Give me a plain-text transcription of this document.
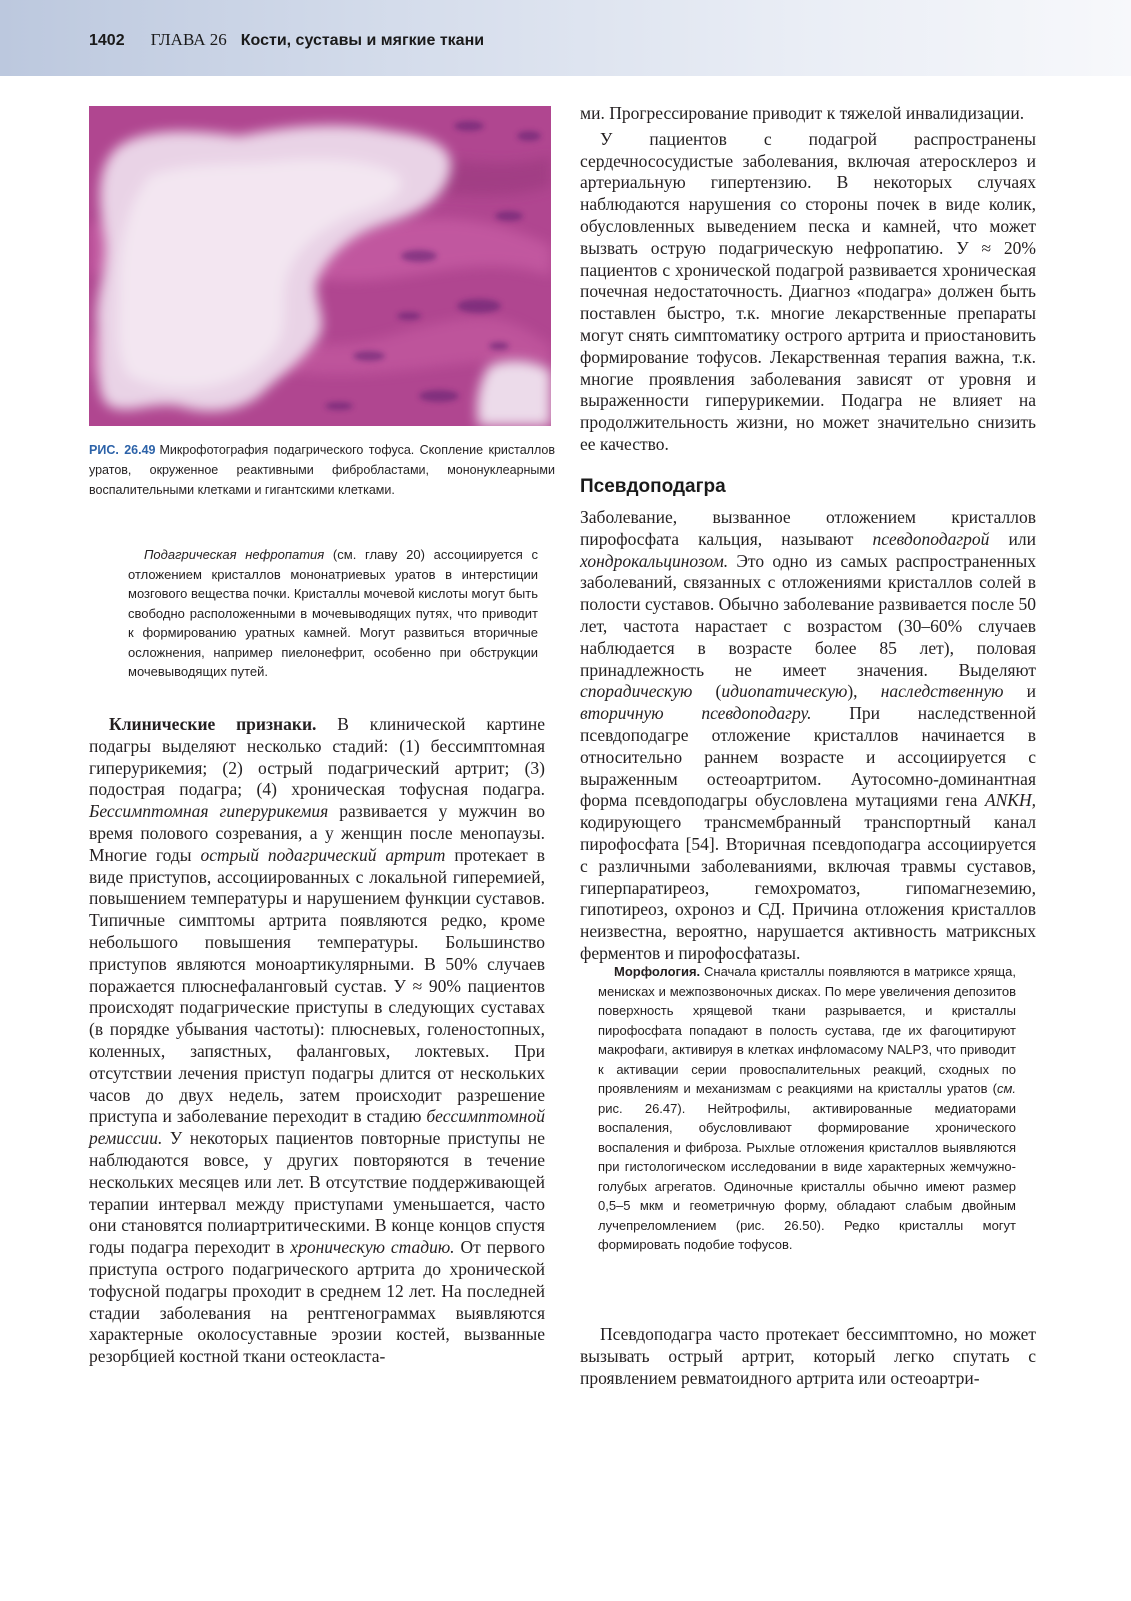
1402 ГЛАВА 26 Кости, суставы и мягкие ткани
РИС. 26.49 Микрофотография подагрического тофуса. Скопление кристаллов уратов, окруженное реактивными фибробластами, мононуклеарными воспалительными клетками и гигантскими клетками.

Подагрическая нефропатия (см. главу 20) ассоциируется с отложением кристаллов мононатриевых уратов в интерстиции мозгового вещества почки. Кристаллы мочевой кислоты могут быть свободно расположенными в мочевыводящих путях, что приводит к формированию уратных камней. Могут развиться вторичные осложнения, например пиелонефрит, особенно при обструкции мочевыводящих путей.

Клинические признаки. В клинической картине подагры выделяют несколько стадий: (1) бессимптомная гиперурикемия; (2) острый подагрический артрит; (3) подострая подагра; (4) хроническая тофусная подагра. Бессимптомная гиперурикемия развивается у мужчин во время полового созревания, а у женщин после менопаузы. Многие годы острый подагрический артрит протекает в виде приступов, ассоциированных с локальной гиперемией, повышением температуры и нарушением функции суставов. Типичные симптомы артрита появляются редко, кроме небольшого повышения температуры. Большинство приступов являются моноартикулярными. В 50% случаев поражается плюснефаланговый сустав. У ≈ 90% пациентов происходят подагрические приступы в следующих суставах (в порядке убывания частоты): плюсневых, голеностопных, коленных, запястных, фаланговых, локтевых. При отсутствии лечения приступ подагры длится от нескольких часов до двух недель, затем происходит разрешение приступа и заболевание переходит в стадию бессимптомной ремиссии. У некоторых пациентов повторные приступы не наблюдаются вовсе, у других повторяются в течение нескольких месяцев или лет. В отсутствие поддерживающей терапии интервал между приступами уменьшается, часто они становятся полиартритическими. В конце концов спустя годы подагра переходит в хроническую стадию. От первого приступа острого подагрического артрита до хронической тофусной подагры проходит в среднем 12 лет. На последней стадии заболевания на рентгенограммах выявляются характерные околосуставные эрозии костей, вызванные резорбцией костной ткани остеокласта-

ми. Прогрессирование приводит к тяжелой инвалидизации.

У пациентов с подагрой распространены сердечнососудистые заболевания, включая атеросклероз и артериальную гипертензию. В некоторых случаях наблюдаются нарушения со стороны почек в виде колик, обусловленных выведением песка и камней, что может вызвать острую подагрическую нефропатию. У ≈ 20% пациентов с хронической подагрой развивается хроническая почечная недостаточность. Диагноз «подагра» должен быть поставлен быстро, т.к. многие лекарственные препараты могут снять симптоматику острого артрита и приостановить формирование тофусов. Лекарственная терапия важна, т.к. многие проявления заболевания зависят от уровня и выраженности гиперурикемии. Подагра не влияет на продолжительность жизни, но может значительно снизить ее качество.

Псевдоподагра

Заболевание, вызванное отложением кристаллов пирофосфата кальция, называют псевдоподагрой или хондрокальцинозом. Это одно из самых распространенных заболеваний, связанных с отложениями кристаллов солей в полости суставов. Обычно заболевание развивается после 50 лет, частота нарастает с возрастом (30–60% случаев наблюдается в возрасте более 85 лет), половая принадлежность не имеет значения. Выделяют спорадическую (идиопатическую), наследственную и вторичную псевдоподагру. При наследственной псевдоподагре отложение кристаллов начинается в относительно раннем возрасте и ассоциируется с выраженным остеоартритом. Аутосомно-доминантная форма псевдоподагры обусловлена мутациями гена ANKH, кодирующего трансмембранный транспортный канал пирофосфата [54]. Вторичная псевдоподагра ассоциируется с различными заболеваниями, включая травмы суставов, гиперпаратиреоз, гемохроматоз, гипомагнеземию, гипотиреоз, охроноз и СД. Причина отложения кристаллов неизвестна, вероятно, нарушается активность матриксных ферментов и пирофосфатазы.

Морфология. Сначала кристаллы появляются в матриксе хряща, менисках и межпозвоночных дисках. По мере увеличения депозитов поверхность хрящевой ткани разрывается, и кристаллы пирофосфата попадают в полость сустава, где их фагоцитируют макрофаги, активируя в клетках инфломасому NALP3, что приводит к активации серии провоспалительных реакций, сходных по проявлениям и механизмам с реакциями на кристаллы уратов (см. рис. 26.47). Нейтрофилы, активированные медиаторами воспаления, обусловливают формирование хронического воспаления и фиброза. Рыхлые отложения кристаллов выявляются при гистологическом исследовании в виде характерных жемчужно-голубых агрегатов. Одиночные кристаллы обычно имеют размер 0,5–5 мкм и геометричную форму, обладают слабым двойным лучепреломлением (рис. 26.50). Редко кристаллы могут формировать подобие тофусов.

Псевдоподагра часто протекает бессимптомно, но может вызывать острый артрит, который легко спутать с проявлением ревматоидного артрита или остеоартри-
